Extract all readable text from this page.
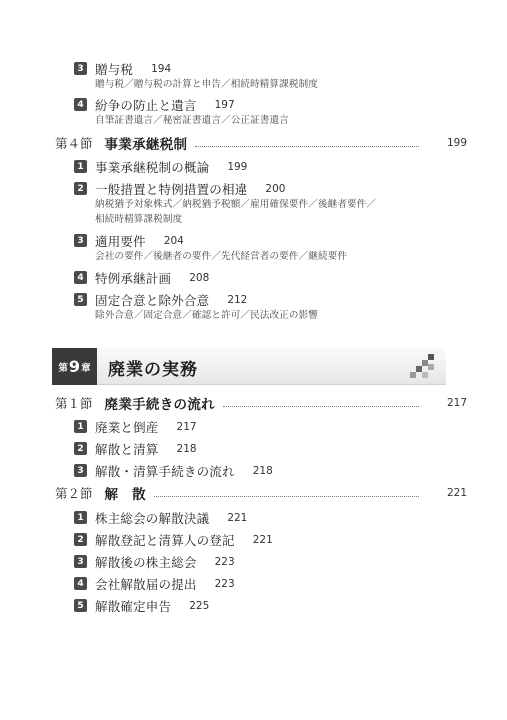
3 贈与税 194
贈与税／贈与税の計算と申告／相続時精算課税制度
4 紛争の防止と遺言 197
自筆証書遺言／秘密証書遺言／公正証書遺言
第４節 事業承継税制	199
1 事業承継税制の概論 199
2 一般措置と特例措置の相違 200
納税猶予対象株式／納税猶予税額／雇用確保要件／後継者要件／
相続時精算課税制度
3 適用要件 204
会社の要件／後継者の要件／先代経営者の要件／継続要件
4 特例承継計画 208
5 固定合意と除外合意 212
除外合意／固定合意／確認と許可／民法改正の影響
第 9 章 廃業の実務
第１節 廃業手続きの流れ	217
1 廃業と倒産 217
2 解散と清算 218
3 解散・清算手続きの流れ 218
第２節 解　散	221
1 株主総会の解散決議 221
2 解散登記と清算人の登記 221
3 解散後の株主総会 223
4 会社解散届の提出 223
5 解散確定申告 225
